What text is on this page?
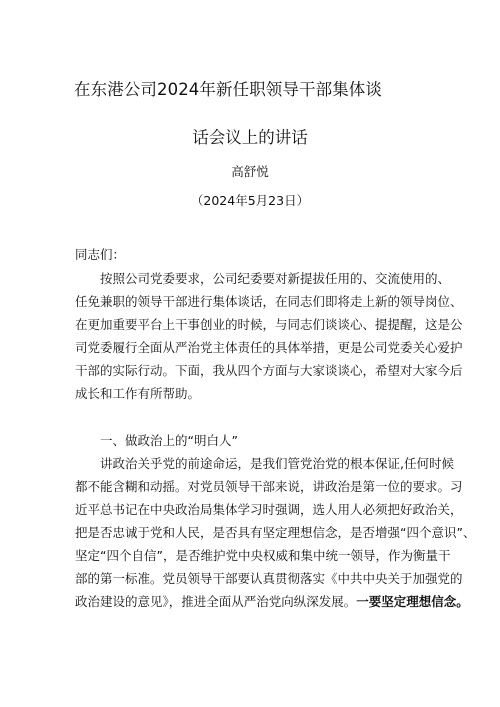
在东港公司2024年新任职领导干部集体谈
话会议上的讲话
高舒悦
（2024年5月23日）
同志们：
按照公司党委要求，公司纪委要对新提拔任用的、交流使用的、
任免兼职的领导干部进行集体谈话，在同志们即将走上新的领导岗位、
在更加重要平台上干事创业的时候，与同志们谈谈心、提提醒，这是公
司党委履行全面从严治党主体责任的具体举措，更是公司党委关心爱护
干部的实际行动。下面，我从四个方面与大家谈谈心，希望对大家今后
成长和工作有所帮助。
一、做政治上的“明白人”
讲政治关乎党的前途命运，是我们管党治党的根本保证,任何时候
都不能含糊和动摇。对党员领导干部来说，讲政治是第一位的要求。习
近平总书记在中央政治局集体学习时强调，选人用人必须把好政治关，
把是否忠诚于党和人民，是否具有坚定理想信念，是否增强“四个意识”、
坚定“四个自信”，是否维护党中央权威和集中统一领导，作为衡量干
部的第一标准。党员领导干部要认真贯彻落实《中共中央关于加强党的
政治建设的意见》，推进全面从严治党向纵深发展。一要坚定理想信念。
